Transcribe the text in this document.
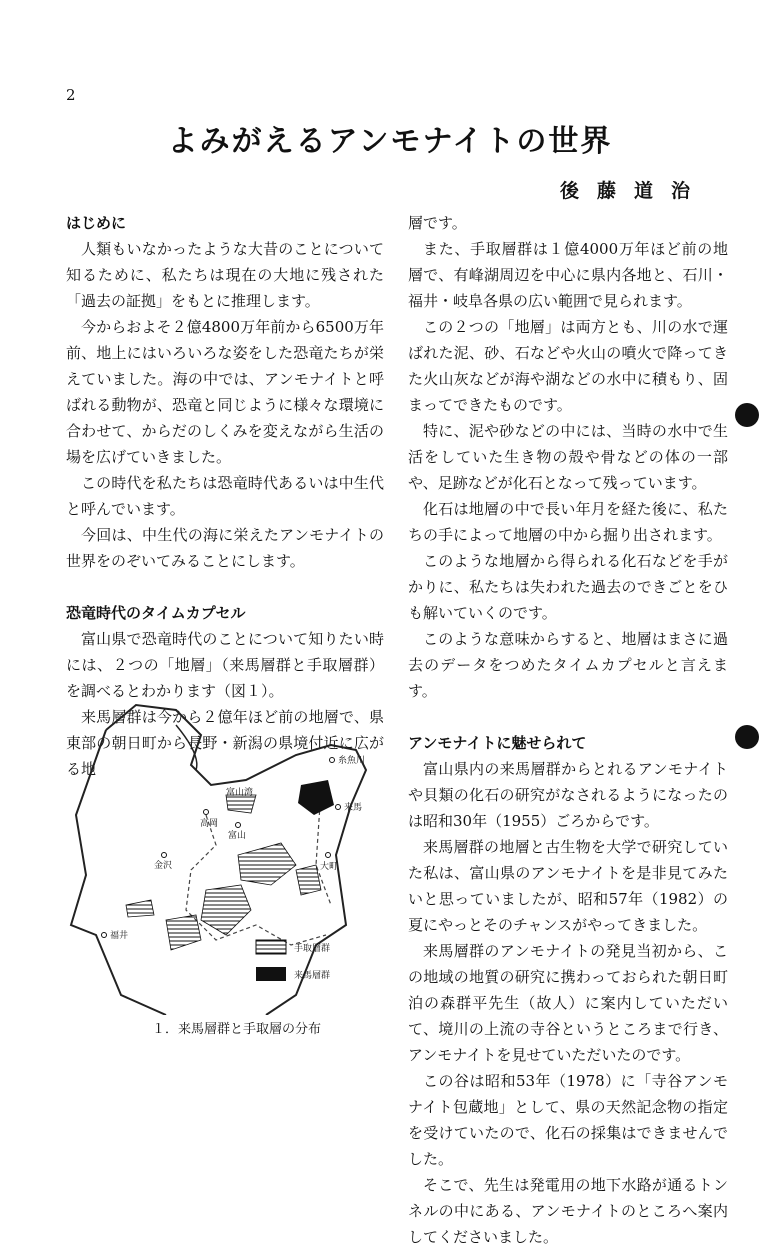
2
よみがえるアンモナイトの世界
後藤道治
はじめに

人類もいなかったような大昔のことについて知るために、私たちは現在の大地に残された「過去の証拠」をもとに推理します。

今からおよそ２億4800万年前から6500万年前、地上にはいろいろな姿をした恐竜たちが栄えていました。海の中では、アンモナイトと呼ばれる動物が、恐竜と同じように様々な環境に合わせて、からだのしくみを変えながら生活の場を広げていきました。

この時代を私たちは恐竜時代あるいは中生代と呼んでいます。

今回は、中生代の海に栄えたアンモナイトの世界をのぞいてみることにします。

恐竜時代のタイムカプセル

富山県で恐竜時代のことについて知りたい時には、２つの「地層」（来馬層群と手取層群）を調べるとわかります（図１）。

来馬層群は今から２億年ほど前の地層で、県東部の朝日町から長野・新潟の県境付近に広がる地

層です。

また、手取層群は１億4000万年ほど前の地層で、有峰湖周辺を中心に県内各地と、石川・福井・岐阜各県の広い範囲で見られます。

この２つの「地層」は両方とも、川の水で運ばれた泥、砂、石などや火山の噴火で降ってきた火山灰などが海や湖などの水中に積もり、固まってできたものです。

特に、泥や砂などの中には、当時の水中で生活をしていた生き物の殻や骨などの体の一部や、足跡などが化石となって残っています。

化石は地層の中で長い年月を経た後に、私たちの手によって地層の中から掘り出されます。

このような地層から得られる化石などを手がかりに、私たちは失われた過去のできごとをひも解いていくのです。

このような意味からすると、地層はまさに過去のデータをつめたタイムカプセルと言えます。

アンモナイトに魅せられて

富山県内の来馬層群からとれるアンモナイトや貝類の化石の研究がなされるようになったのは昭和30年（1955）ごろからです。

来馬層群の地層と古生物を大学で研究していた私は、富山県のアンモナイトを是非見てみたいと思っていましたが、昭和57年（1982）の夏にやっとそのチャンスがやってきました。

来馬層群のアンモナイトの発見当初から、この地域の地質の研究に携わっておられた朝日町泊の森群平先生（故人）に案内していただいて、境川の上流の寺谷というところまで行き、アンモナイトを見せていただいたのです。

この谷は昭和53年（1978）に「寺谷アンモナイト包蔵地」として、県の天然記念物の指定を受けていたので、化石の採集はできませんでした。

そこで、先生は発電用の地下水路が通るトンネルの中にある、アンモナイトのところへ案内してくださいました。

糸魚川
富山湾
来馬
高岡
富山
金沢	大町
福井
手取層群
来馬層群
１．来馬層群と手取層の分布
